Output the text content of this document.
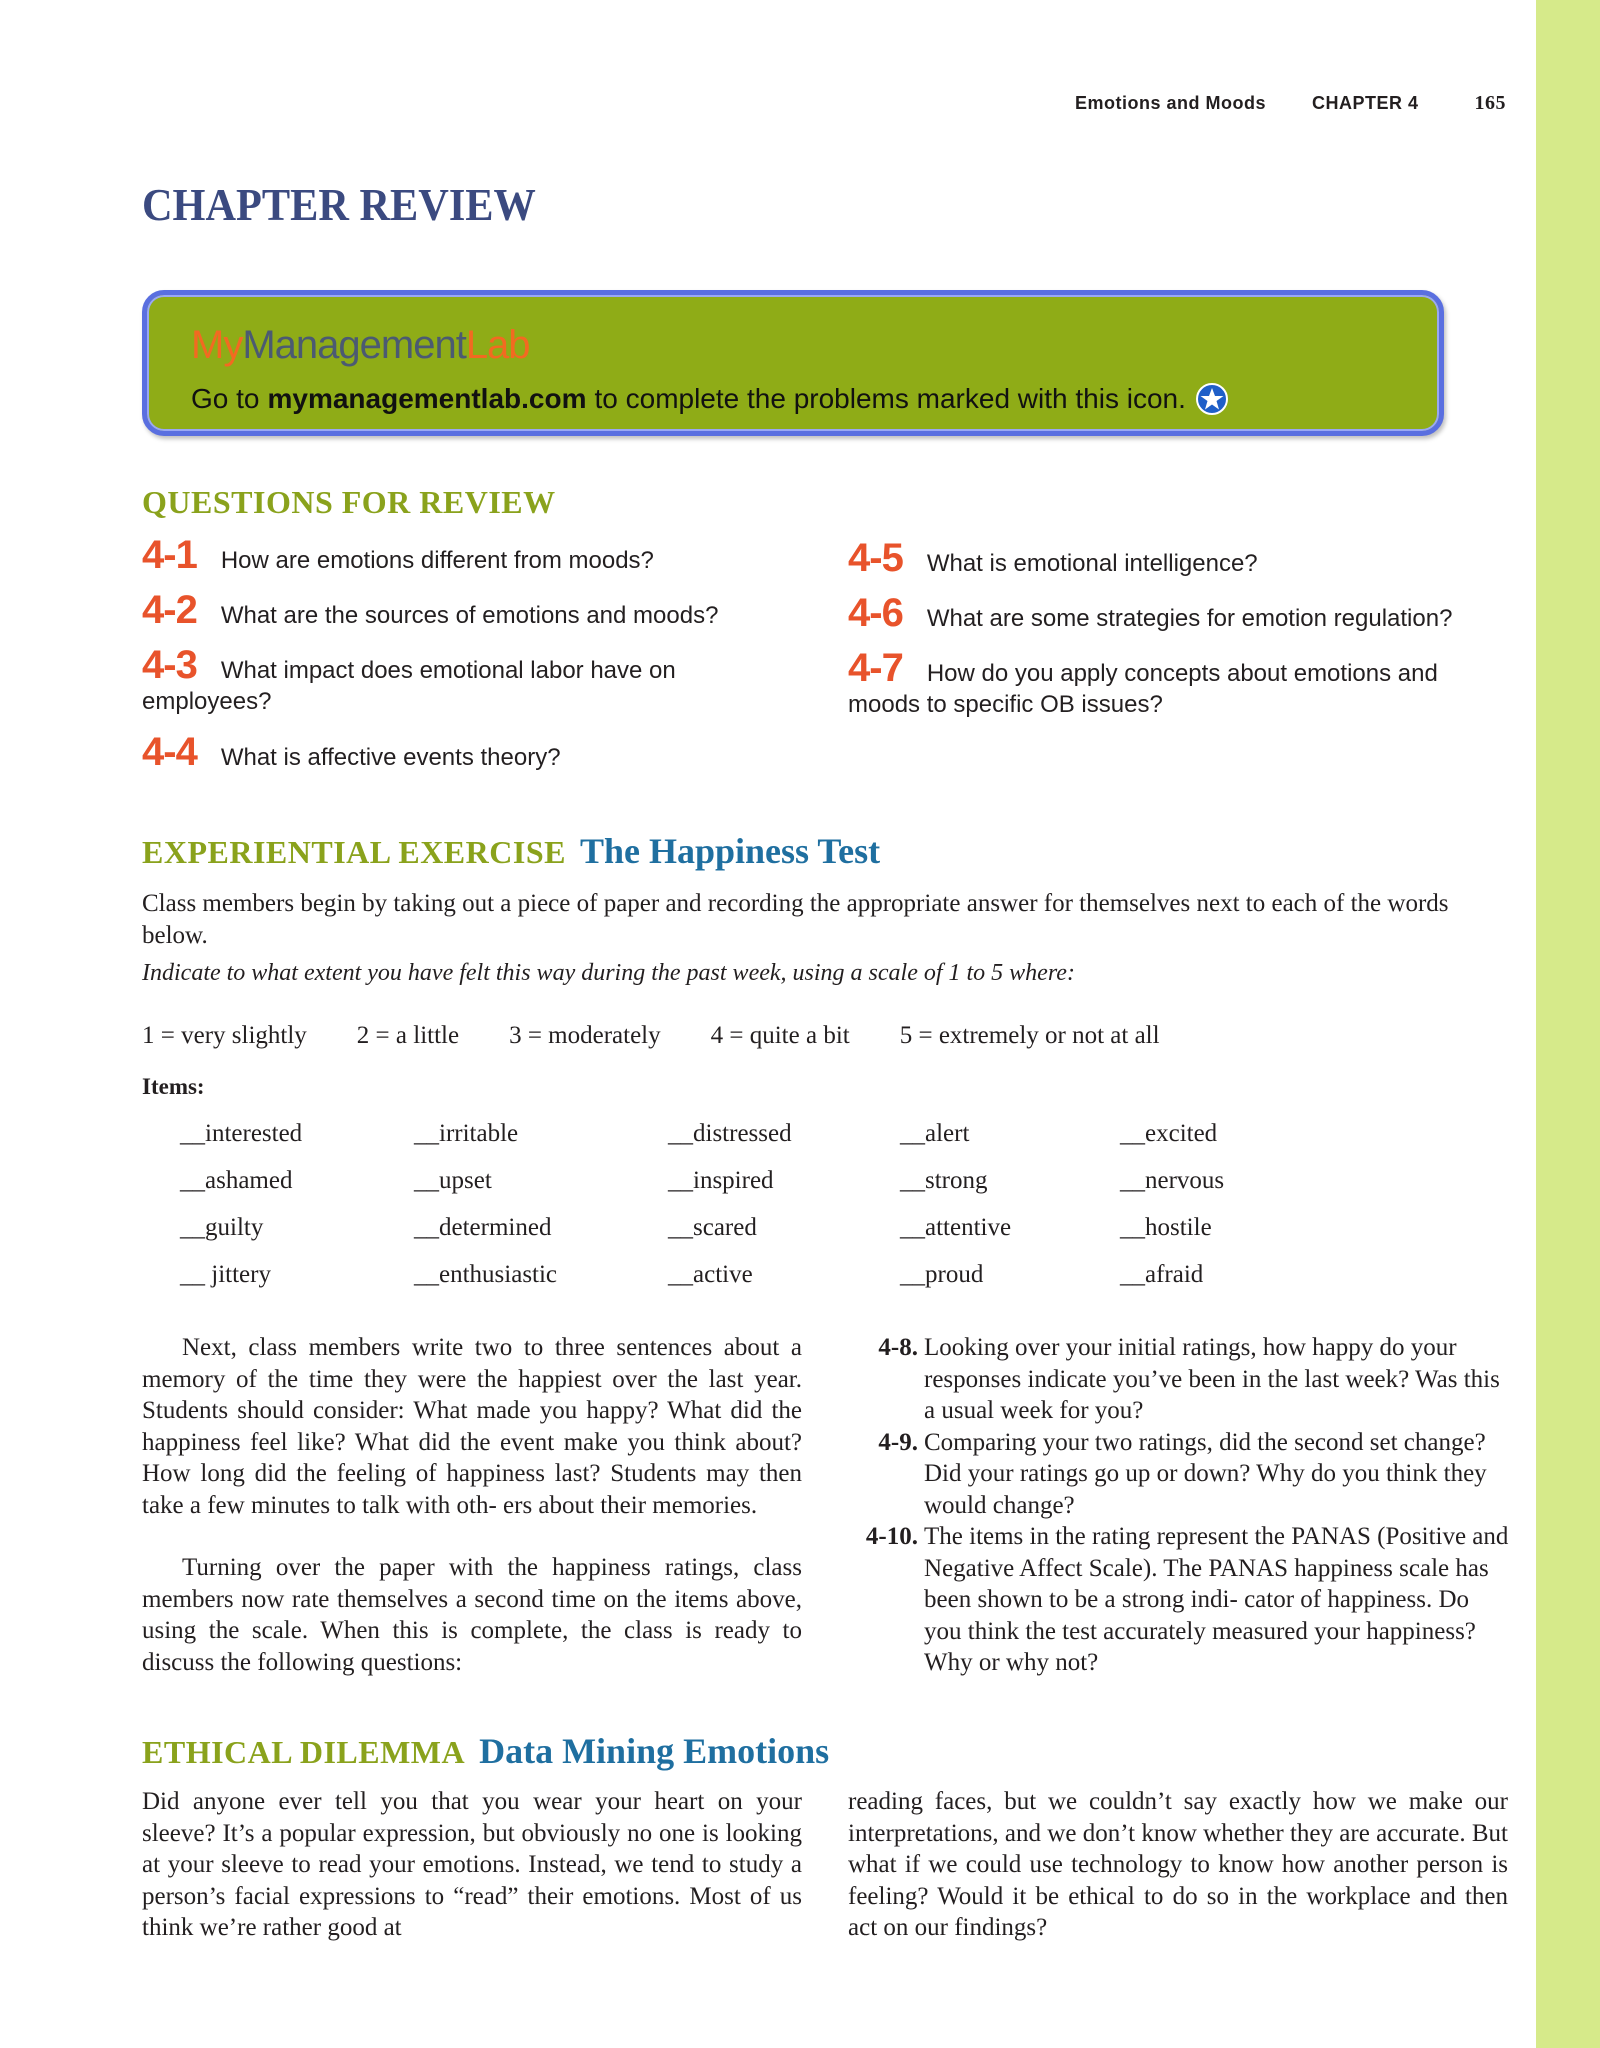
Emotions and Moods	CHAPTER 4	165
CHAPTER REVIEW
MyManagementLab
Go to mymanagementlab.com to complete the problems marked with this icon.
QUESTIONS FOR REVIEW
4-1 How are emotions different from moods?
4-2 What are the sources of emotions and moods?
4-3 What impact does emotional labor have on employees?
4-4 What is affective events theory?
4-5 What is emotional intelligence?
4-6 What are some strategies for emotion regulation?
4-7 How do you apply concepts about emotions and moods to specific OB issues?
EXPERIENTIAL EXERCISE The Happiness Test

Class members begin by taking out a piece of paper and recording the appropriate answer for themselves next to each of the words below.

Indicate to what extent you have felt this way during the past week, using a scale of 1 to 5 where:

1 = very slightly 2 = a little 3 = moderately 4 = quite a bit 5 = extremely or not at all
Items:
__interested	__irritable	__distressed	__alert	__excited
__ashamed	__upset	__inspired	__strong	__nervous
__guilty	__determined	__scared	__attentive	__hostile
__ jittery	__enthusiastic	__active	__proud	__afraid

Next, class members write two to three sentences about a memory of the time they were the happiest over the last year. Students should consider: What made you happy? What did the happiness feel like? What did the event make you think about? How long did the feeling of happiness last? Students may then take a few minutes to talk with oth- ers about their memories.

Turning over the paper with the happiness ratings, class members now rate themselves a second time on the items above, using the scale. When this is complete, the class is ready to discuss the following questions:

4-8. Looking over your initial ratings, how happy do your responses indicate you’ve been in the last week? Was this a usual week for you?
4-9. Comparing your two ratings, did the second set change? Did your ratings go up or down? Why do you think they would change?
4-10. The items in the rating represent the PANAS (Positive and Negative Affect Scale). The PANAS happiness scale has been shown to be a strong indi- cator of happiness. Do you think the test accurately measured your happiness? Why or why not?
ETHICAL DILEMMA Data Mining Emotions

Did anyone ever tell you that you wear your heart on your sleeve? It’s a popular expression, but obviously no one is looking at your sleeve to read your emotions. Instead, we tend to study a person’s facial expressions to “read” their emotions. Most of us think we’re rather good at

reading faces, but we couldn’t say exactly how we make our interpretations, and we don’t know whether they are accurate. But what if we could use technology to know how another person is feeling? Would it be ethical to do so in the workplace and then act on our findings?
